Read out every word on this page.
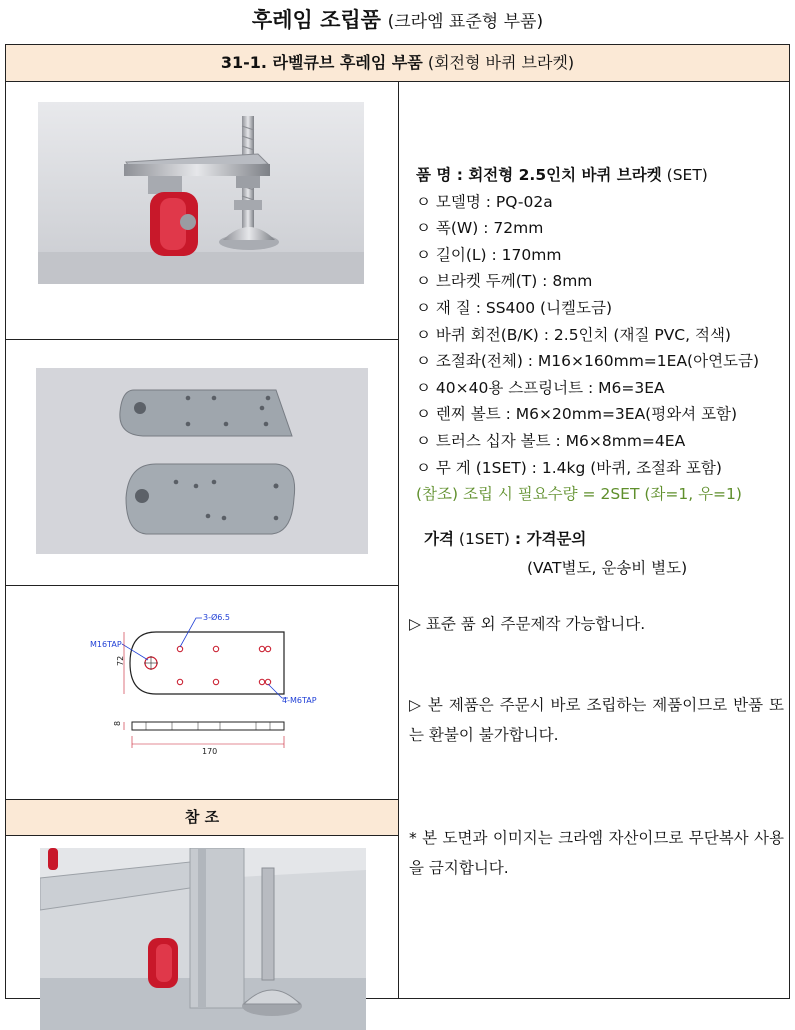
후레임 조립품 (크라엠 표준형 부품)
31-1. 라벨큐브 후레임 부품 (회전형 바퀴 브라켓)
3-Ø6.5
M16TAP
4-M6TAP
72
8
170
참 조
품 명 : 회전형 2.5인치 바퀴 브라켓 (SET)
ㅇ 모델명 : PQ-02a
ㅇ 폭(W) : 72mm
ㅇ 길이(L) : 170mm
ㅇ 브라켓 두께(T) : 8mm
ㅇ 재 질 : SS400 (니켈도금)
ㅇ 바퀴 회전(B/K) : 2.5인치 (재질 PVC, 적색)
ㅇ 조절좌(전체) : M16×160mm=1EA(아연도금)
ㅇ 40×40용 스프링너트 : M6=3EA
ㅇ 렌찌 볼트 : M6×20mm=3EA(평와셔 포함)
ㅇ 트러스 십자 볼트 : M6×8mm=4EA
ㅇ 무 게 (1SET) : 1.4kg (바퀴, 조절좌 포함)
(참조) 조립 시 필요수량 = 2SET (좌=1, 우=1)
가격 (1SET) : 가격문의
(VAT별도, 운송비 별도)
▷ 표준 품 외 주문제작 가능합니다.
▷ 본 제품은 주문시 바로 조립하는 제품이므로 반품 또는 환불이 불가합니다.
* 본 도면과 이미지는 크라엠 자산이므로 무단복사 사용을 금지합니다.
